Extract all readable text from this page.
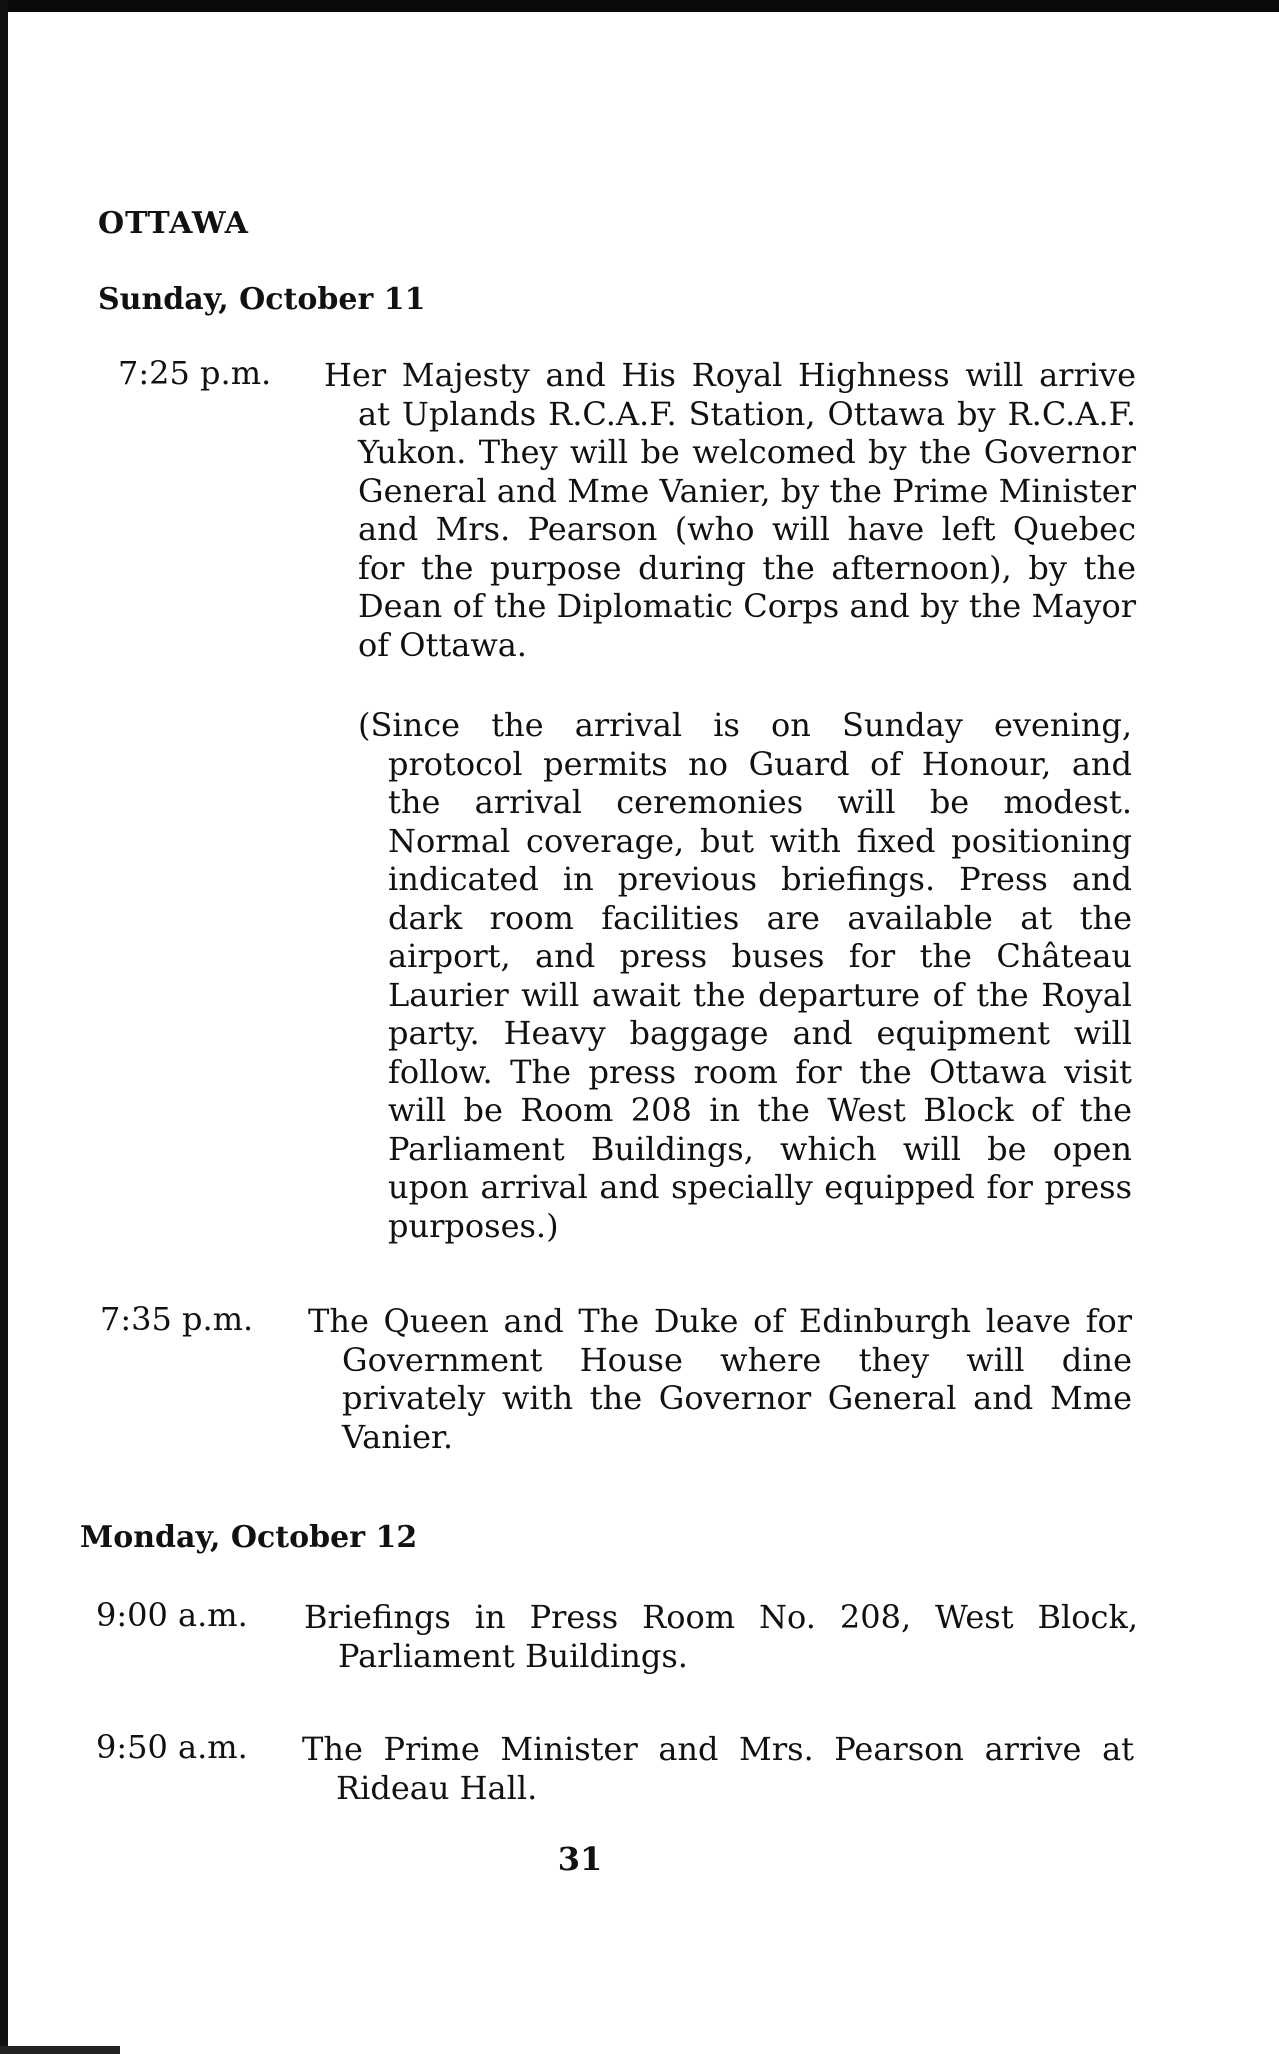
OTTAWA
Sunday, October 11
7:25 p.m. Her Majesty and His Royal Highness will arrive at Uplands R.C.A.F. Station, Ottawa by R.C.A.F. Yukon. They will be welcomed by the Governor General and Mme Vanier, by the Prime Minister and Mrs. Pearson (who will have left Quebec for the purpose during the afternoon), by the Dean of the Diplomatic Corps and by the Mayor of Ottawa.
(Since the arrival is on Sunday evening, protocol permits no Guard of Honour, and the arrival ceremonies will be modest. Normal coverage, but with fixed positioning indicated in previous briefings. Press and dark room facilities are available at the airport, and press buses for the Château Laurier will await the departure of the Royal party. Heavy baggage and equipment will follow. The press room for the Ottawa visit will be Room 208 in the West Block of the Parliament Buildings, which will be open upon arrival and specially equipped for press purposes.)
7:35 p.m. The Queen and The Duke of Edinburgh leave for Government House where they will dine privately with the Governor General and Mme Vanier.
Monday, October 12
9:00 a.m. Briefings in Press Room No. 208, West Block, Parliament Buildings.
9:50 a.m. The Prime Minister and Mrs. Pearson arrive at Rideau Hall.
31
